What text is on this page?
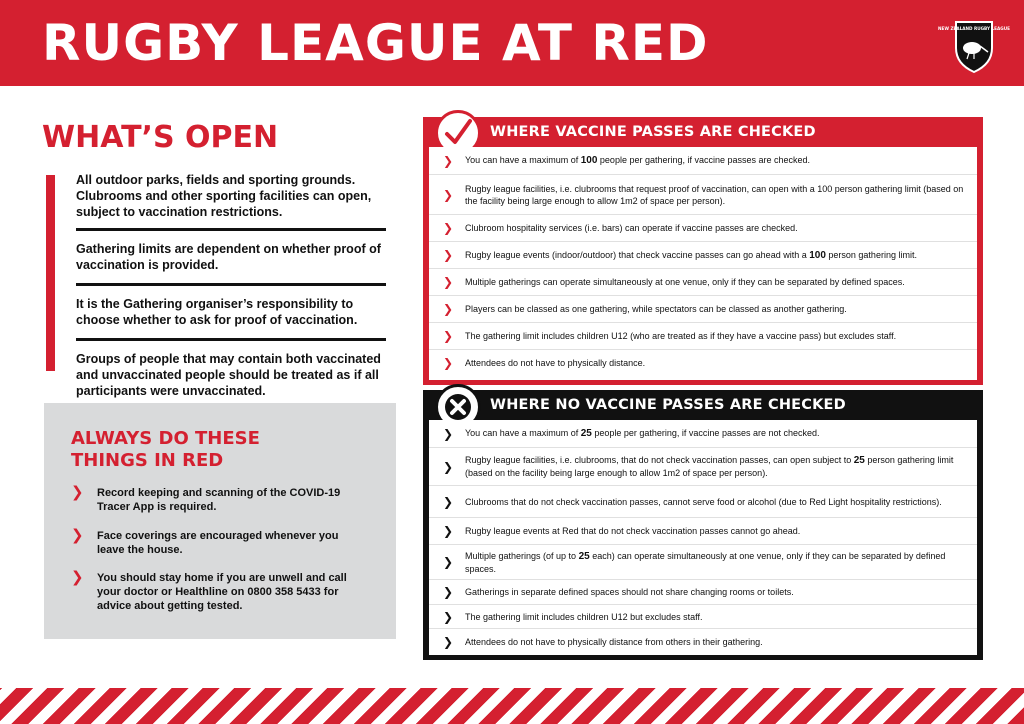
RUGBY LEAGUE AT RED	NEW ZEALAND RUGBY LEAGUE
WHAT’S OPEN
All outdoor parks, fields and sporting grounds. Clubrooms and other sporting facilities can open, subject to vaccination restrictions.
Gathering limits are dependent on whether proof of vaccination is provided.
It is the Gathering organiser’s responsibility to choose whether to ask for proof of vaccination.
Groups of people that may contain both vaccinated and unvaccinated people should be treated as if all participants were unvaccinated.
ALWAYS DO THESE THINGS IN RED
❯ Record keeping and scanning of the COVID-19 Tracer App is required.
❯ Face coverings are encouraged whenever you leave the house.
❯ You should stay home if you are unwell and call your doctor or Healthline on 0800 358 5433 for advice about getting tested.
WHERE VACCINE PASSES ARE CHECKED
❯ You can have a maximum of 100 people per gathering, if vaccine passes are checked.
❯ Rugby league facilities, i.e. clubrooms that request proof of vaccination, can open with a 100 person gathering limit (based on the facility being large enough to allow 1m2 of space per person).
❯ Clubroom hospitality services (i.e. bars) can operate if vaccine passes are checked.
❯ Rugby league events (indoor/outdoor) that check vaccine passes can go ahead with a 100 person gathering limit.
❯ Multiple gatherings can operate simultaneously at one venue, only if they can be separated by defined spaces.
❯ Players can be classed as one gathering, while spectators can be classed as another gathering.
❯ The gathering limit includes children U12 (who are treated as if they have a vaccine pass) but excludes staff.
❯ Attendees do not have to physically distance.
WHERE NO VACCINE PASSES ARE CHECKED
❯ You can have a maximum of 25 people per gathering, if vaccine passes are not checked.
❯ Rugby league facilities, i.e. clubrooms, that do not check vaccination passes, can open subject to 25 person gathering limit (based on the facility being large enough to allow 1m2 of space per person).
❯ Clubrooms that do not check vaccination passes, cannot serve food or alcohol (due to Red Light hospitality restrictions).
❯ Rugby league events at Red that do not check vaccination passes cannot go ahead.
❯ Multiple gatherings (of up to 25 each) can operate simultaneously at one venue, only if they can be separated by defined spaces.
❯ Gatherings in separate defined spaces should not share changing rooms or toilets.
❯ The gathering limit includes children U12 but excludes staff.
❯ Attendees do not have to physically distance from others in their gathering.
